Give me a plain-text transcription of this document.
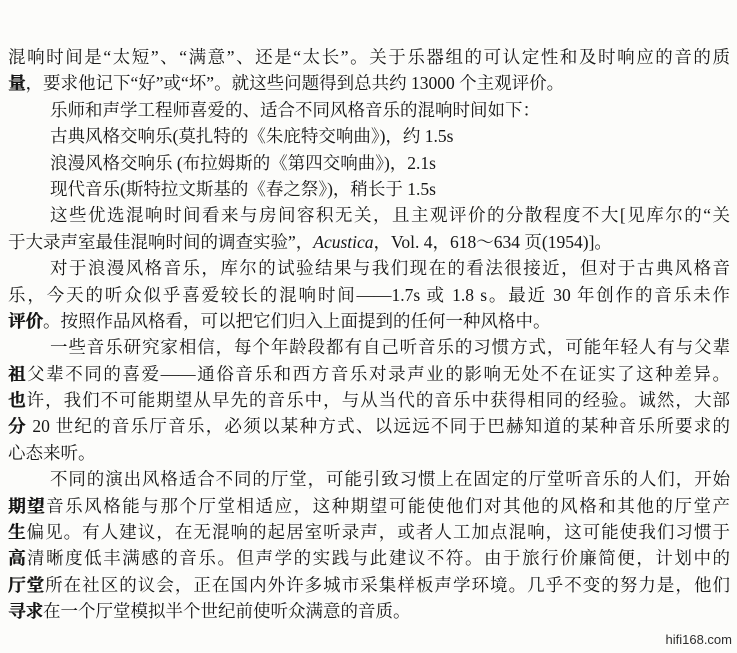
混响时间是“太短”、“满意”、还是“太长”。关于乐器组的可认定性和及时响应的音的质
量，要求他记下“好”或“坏”。就这些问题得到总共约 13000 个主观评价。
乐师和声学工程师喜爱的、适合不同风格音乐的混响时间如下：
古典风格交响乐(莫扎特的《朱庇特交响曲》)，约 1.5s
浪漫风格交响乐 (布拉姆斯的《第四交响曲》)，2.1s
现代音乐(斯特拉文斯基的《春之祭》)，稍长于 1.5s
这些优选混响时间看来与房间容积无关，且主观评价的分散程度不大[见库尔的“关
于大录声室最佳混响时间的调查实验”，Acustica，Vol. 4，618～634 页(1954)]。
对于浪漫风格音乐，库尔的试验结果与我们现在的看法很接近，但对于古典风格音
乐，今天的听众似乎喜爱较长的混响时间——1.7s 或 1.8 s。最近 30 年创作的音乐未作
评价。按照作品风格看，可以把它们归入上面提到的任何一种风格中。
一些音乐研究家相信，每个年龄段都有自己听音乐的习惯方式，可能年轻人有与父辈
祖父辈不同的喜爱——通俗音乐和西方音乐对录声业的影响无处不在证实了这种差异。
也许，我们不可能期望从早先的音乐中，与从当代的音乐中获得相同的经验。诚然，大部
分 20 世纪的音乐厅音乐，必须以某种方式、以远远不同于巴赫知道的某种音乐所要求的
心态来听。
不同的演出风格适合不同的厅堂，可能引致习惯上在固定的厅堂听音乐的人们，开始
期望音乐风格能与那个厅堂相适应，这种期望可能使他们对其他的风格和其他的厅堂产
生偏见。有人建议，在无混响的起居室听录声，或者人工加点混响，这可能使我们习惯于
高清晰度低丰满感的音乐。但声学的实践与此建议不符。由于旅行价廉简便，计划中的
厅堂所在社区的议会，正在国内外许多城市采集样板声学环境。几乎不变的努力是，他们
寻求在一个厅堂模拟半个世纪前使听众满意的音质。
hifi168.com
